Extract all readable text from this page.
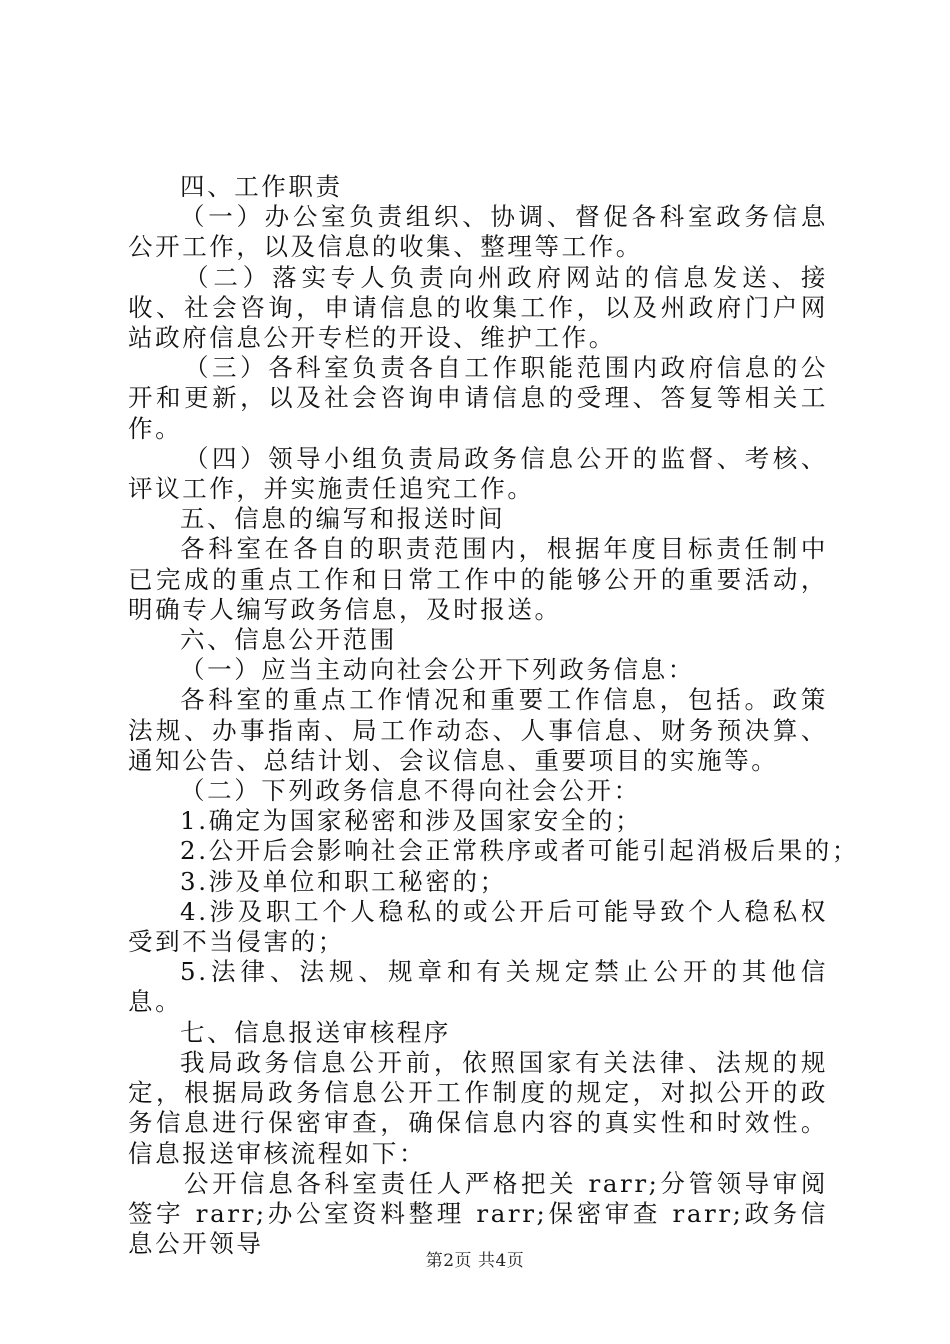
四、工作职责

（一）办公室负责组织、协调、督促各科室政务信息公开工作，以及信息的收集、整理等工作。

（二）落实专人负责向州政府网站的信息发送、接收、社会咨询，申请信息的收集工作，以及州政府门户网站政府信息公开专栏的开设、维护工作。

（三）各科室负责各自工作职能范围内政府信息的公开和更新，以及社会咨询申请信息的受理、答复等相关工作。

（四）领导小组负责局政务信息公开的监督、考核、评议工作，并实施责任追究工作。

五、信息的编写和报送时间

各科室在各自的职责范围内，根据年度目标责任制中已完成的重点工作和日常工作中的能够公开的重要活动，明确专人编写政务信息，及时报送。

六、信息公开范围

（一）应当主动向社会公开下列政务信息：

各科室的重点工作情况和重要工作信息，包括。政策法规、办事指南、局工作动态、人事信息、财务预决算、通知公告、总结计划、会议信息、重要项目的实施等。

（二）下列政务信息不得向社会公开：

1.确定为国家秘密和涉及国家安全的；

2.公开后会影响社会正常秩序或者可能引起消极后果的；

3.涉及单位和职工秘密的；

4.涉及职工个人稳私的或公开后可能导致个人稳私权受到不当侵害的；

5.法律、法规、规章和有关规定禁止公开的其他信息。

七、信息报送审核程序

我局政务信息公开前，依照国家有关法律、法规的规定，根据局政务信息公开工作制度的规定，对拟公开的政务信息进行保密审查，确保信息内容的真实性和时效性。信息报送审核流程如下：

公开信息各科室责任人严格把关 rarr;分管领导审阅签字 rarr;办公室资料整理 rarr;保密审查 rarr;政务信息公开领导

第2页 共4页
